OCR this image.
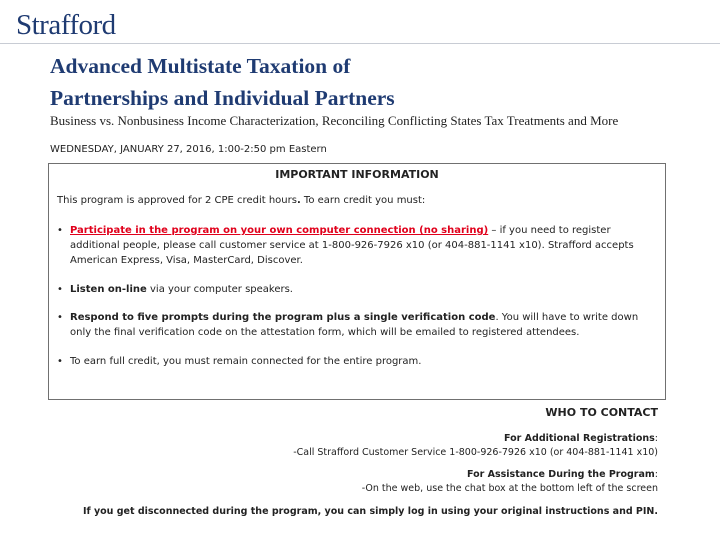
Strafford
Advanced Multistate Taxation of
Partnerships and Individual Partners
Business vs. Nonbusiness Income Characterization, Reconciling Conflicting States Tax Treatments and More
WEDNESDAY, JANUARY 27, 2016, 1:00-2:50 pm Eastern
IMPORTANT INFORMATION
This program is approved for 2 CPE credit hours. To earn credit you must:
• Participate in the program on your own computer connection (no sharing) – if you need to register additional people, please call customer service at 1-800-926-7926 x10 (or 404-881-1141 x10). Strafford accepts American Express, Visa, MasterCard, Discover.
• Listen on-line via your computer speakers.
• Respond to five prompts during the program plus a single verification code. You will have to write down only the final verification code on the attestation form, which will be emailed to registered attendees.
• To earn full credit, you must remain connected for the entire program.
WHO TO CONTACT
For Additional Registrations:
-Call Strafford Customer Service 1-800-926-7926 x10 (or 404-881-1141 x10)
For Assistance During the Program:
-On the web, use the chat box at the bottom left of the screen
If you get disconnected during the program, you can simply log in using your original instructions and PIN.
